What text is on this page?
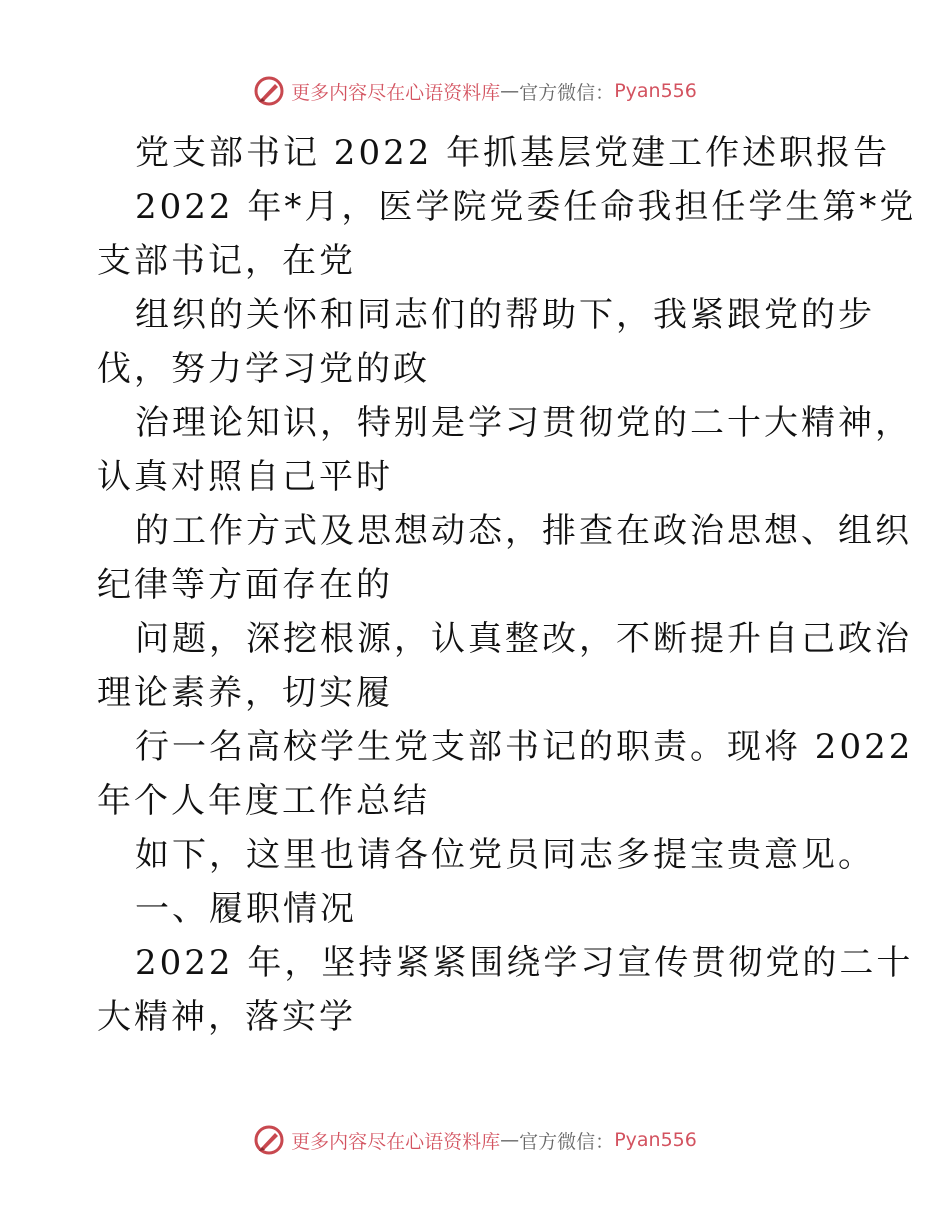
更多内容尽在心语资料库 — 官方微信： Pyan556
党支部书记 2022 年抓基层党建工作述职报告
2022 年*月，医学院党委任命我担任学生第*党
支部书记，在党
组织的关怀和同志们的帮助下，我紧跟党的步
伐，努力学习党的政
治理论知识，特别是学习贯彻党的二十大精神，
认真对照自己平时
的工作方式及思想动态，排查在政治思想、组织
纪律等方面存在的
问题，深挖根源，认真整改，不断提升自己政治
理论素养，切实履
行一名高校学生党支部书记的职责。现将 2022
年个人年度工作总结
如下，这里也请各位党员同志多提宝贵意见。
一、履职情况
2022 年，坚持紧紧围绕学习宣传贯彻党的二十
大精神，落实学
更多内容尽在心语资料库 — 官方微信： Pyan556
